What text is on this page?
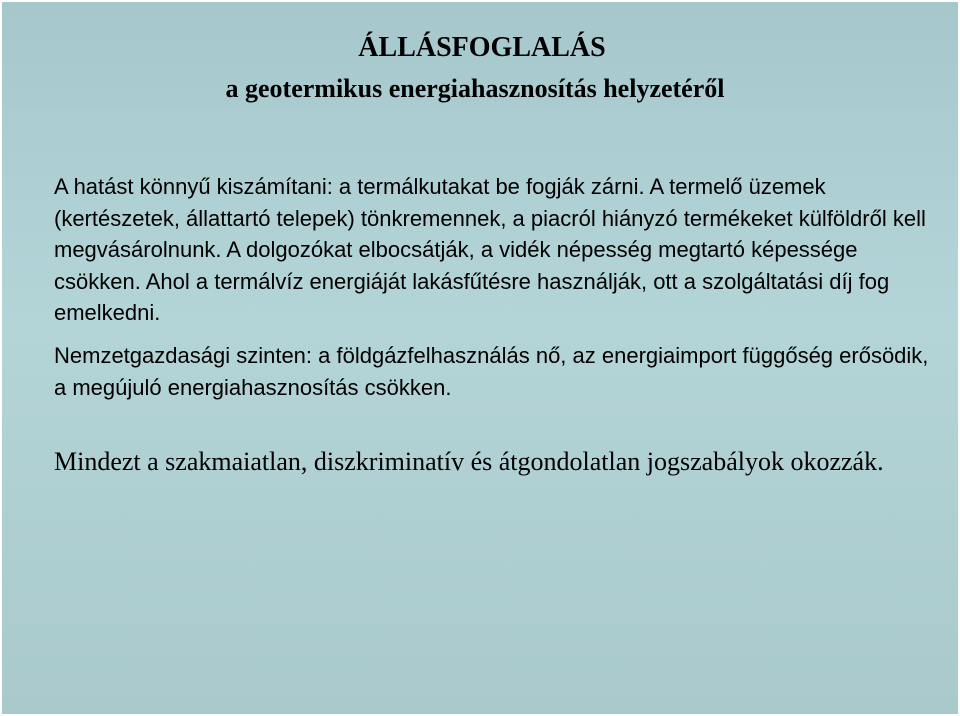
ÁLLÁSFOGLALÁS
a geotermikus energiahasznosítás helyzetéről

A hatást könnyű kiszámítani: a termálkutakat be fogják zárni. A termelő üzemek (kertészetek, állattartó telepek) tönkremennek, a piacról hiányzó termékeket külföldről kell megvásárolnunk. A dolgozókat elbocsátják, a vidék népesség megtartó képessége csökken. Ahol a termálvíz energiáját lakásfűtésre használják, ott a szolgáltatási díj fog emelkedni.

Nemzetgazdasági szinten: a földgázfelhasználás nő, az energiaimport függőség erősödik, a megújuló energiahasznosítás csökken.

Mindezt a szakmaiatlan, diszkriminatív és átgondolatlan jogszabályok okozzák.
